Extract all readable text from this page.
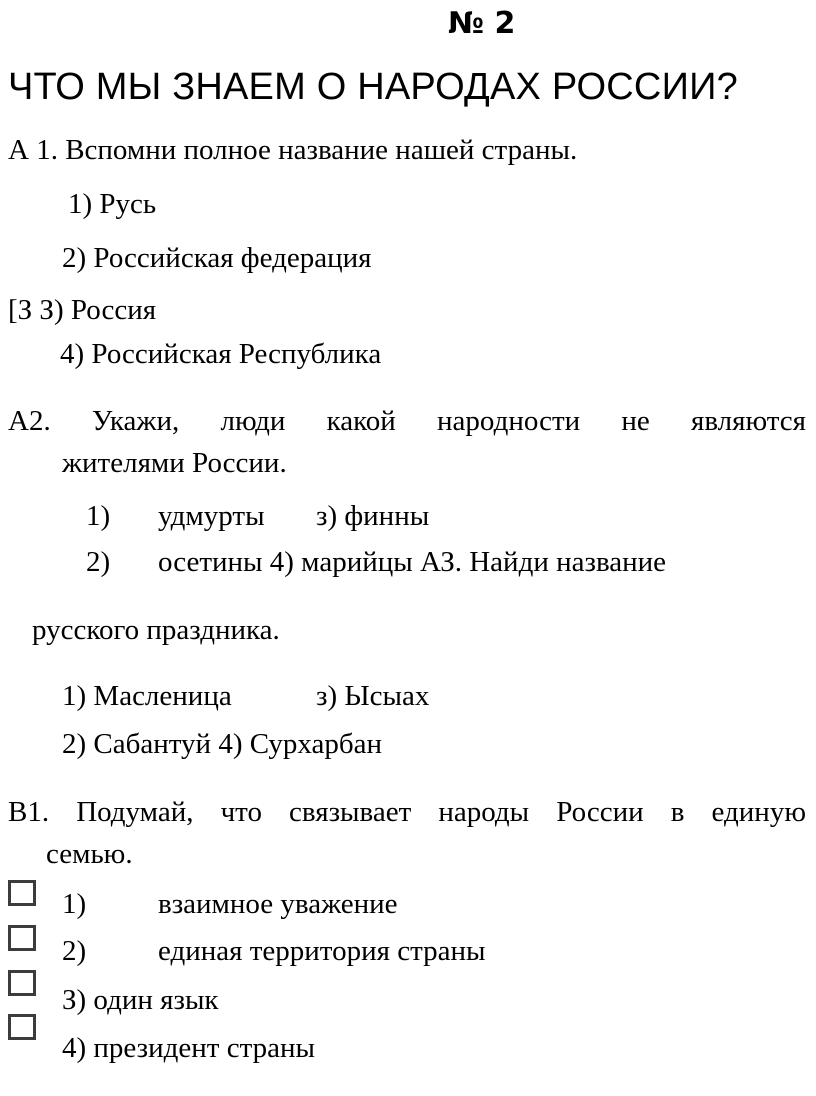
№ 2
ЧТО МЫ ЗНАЕМ О НАРОДАХ РОССИИ?
А 1. Вспомни полное название нашей страны.
1) Русь
2) Российская федерация
[З З) Россия
4) Российская Республика
А2. Укажи, люди какой народности не являются
жителями России.
1) удмурты з) финны
2) осетины 4) марийцы АЗ. Найди название
русского праздника.
1) Масленица	з) Ысыах
2) Сабантуй 4) Сурхарбан
В1. Подумай, что связывает народы России в единую
семью.
1) взаимное уважение
2) единая территория страны
З) один язык
4) президент страны
